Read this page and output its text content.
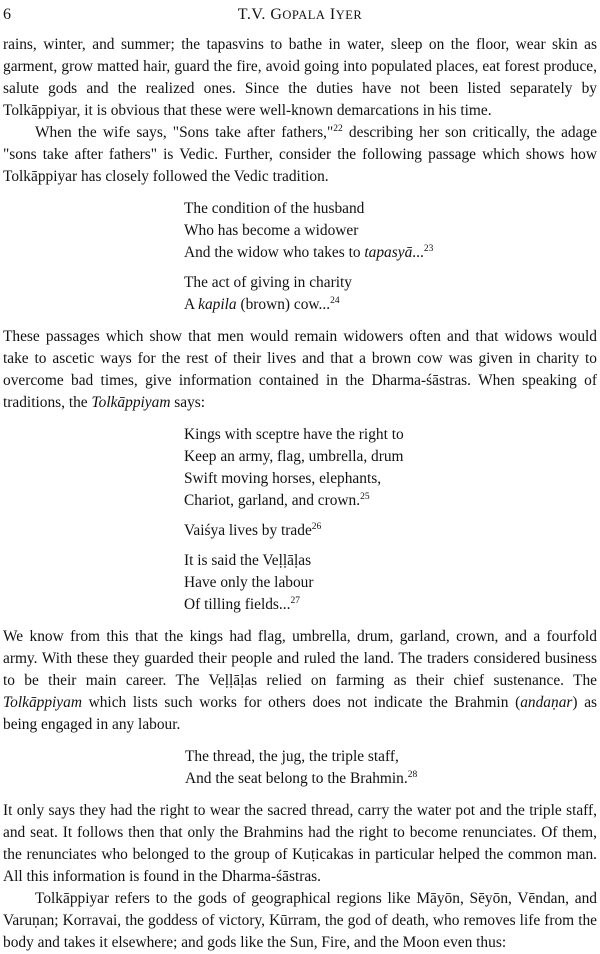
6	T.V. GOPALA IYER

rains, winter, and summer; the tapasvins to bathe in water, sleep on the floor, wear skin as garment, grow matted hair, guard the fire, avoid going into populated places, eat forest produce, salute gods and the realized ones. Since the duties have not been listed separately by Tolkāppiyar, it is obvious that these were well-known demarcations in his time.

When the wife says, "Sons take after fathers,"$^{22}$ describing her son critically, the adage "sons take after fathers" is Vedic. Further, consider the following passage which shows how Tolkāppiyar has closely followed the Vedic tradition.

The condition of the husband
Who has become a widower
And the widow who takes to tapasyā...$^{23}$
The act of giving in charity
A kapila (brown) cow...$^{24}$

These passages which show that men would remain widowers often and that widows would take to ascetic ways for the rest of their lives and that a brown cow was given in charity to overcome bad times, give information contained in the Dharma-śāstras. When speaking of traditions, the Tolkāppiyam says:

Kings with sceptre have the right to
Keep an army, flag, umbrella, drum
Swift moving horses, elephants,
Chariot, garland, and crown.$^{25}$
Vaiśya lives by trade$^{26}$
It is said the Veḷḷāḷas
Have only the labour
Of tilling fields...$^{27}$

We know from this that the kings had flag, umbrella, drum, garland, crown, and a fourfold army. With these they guarded their people and ruled the land. The traders considered business to be their main career. The Veḷḷāḷas relied on farming as their chief sustenance. The Tolkāppiyam which lists such works for others does not indicate the Brahmin (andaṇar) as being engaged in any labour.

The thread, the jug, the triple staff,
And the seat belong to the Brahmin.$^{28}$

It only says they had the right to wear the sacred thread, carry the water pot and the triple staff, and seat. It follows then that only the Brahmins had the right to become renunciates. Of them, the renunciates who belonged to the group of Kuṭicakas in particular helped the common man. All this information is found in the Dharma-śāstras.

Tolkāppiyar refers to the gods of geographical regions like Māyōn, Sēyōn, Vēndan, and Varuṇan; Korravai, the goddess of victory, Kūrram, the god of death, who removes life from the body and takes it elsewhere; and gods like the Sun, Fire, and the Moon even thus:
